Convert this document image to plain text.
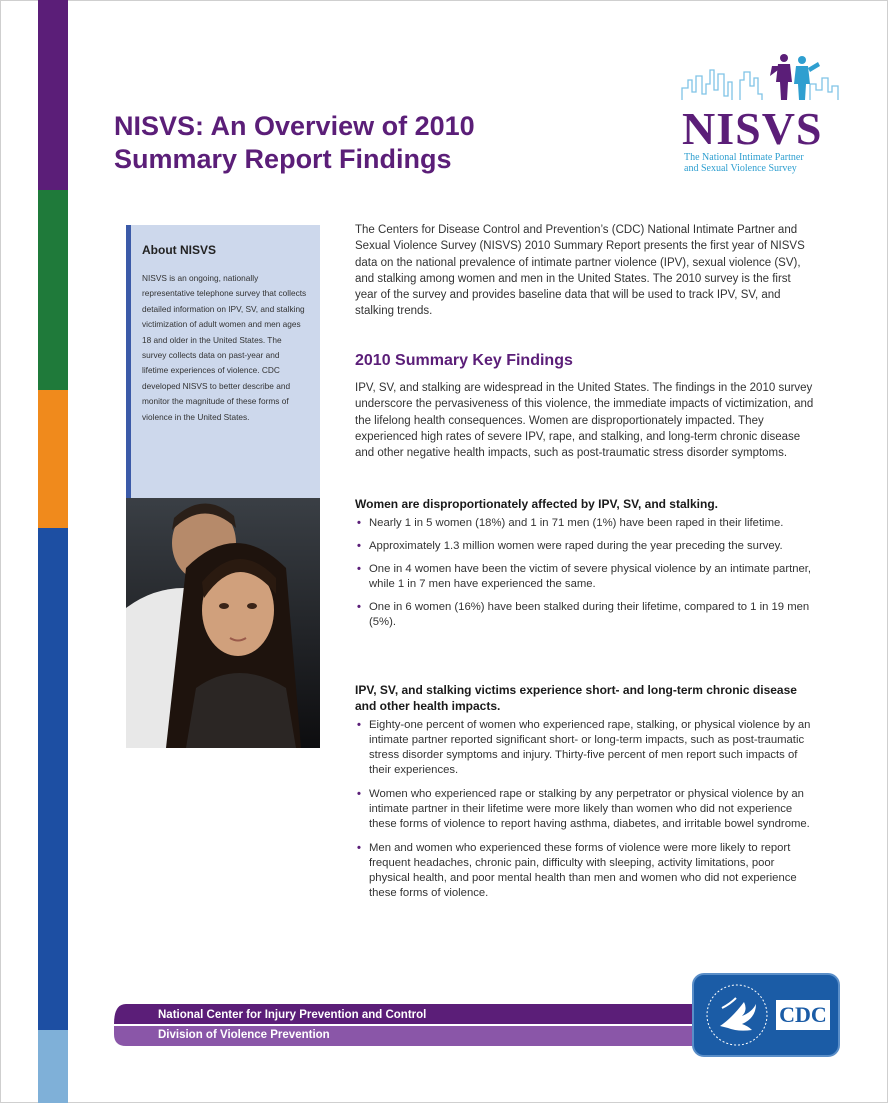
NISVS: An Overview of 2010
Summary Report Findings

NISVS

The National Intimate Partner
and Sexual Violence Survey

About NISVS

NISVS is an ongoing, nationally representative telephone survey that collects detailed information on IPV, SV, and stalking victimization of adult women and men ages 18 and older in the United States. The survey collects data on past-year and lifetime experiences of violence. CDC developed NISVS to better describe and monitor the magnitude of these forms of violence in the United States.

The Centers for Disease Control and Prevention’s (CDC) National Intimate Partner and Sexual Violence Survey (NISVS) 2010 Summary Report presents the first year of NISVS data on the national prevalence of intimate partner violence (IPV), sexual violence (SV), and stalking among women and men in the United States. The 2010 survey is the first year of the survey and provides baseline data that will be used to track IPV, SV, and stalking trends.

2010 Summary Key Findings

IPV, SV, and stalking are widespread in the United States. The findings in the 2010 survey underscore the pervasiveness of this violence, the immediate impacts of victimization, and the lifelong health consequences. Women are disproportionately impacted. They experienced high rates of severe IPV, rape, and stalking, and long-term chronic disease and other negative health impacts, such as post-traumatic stress disorder symptoms.

Women are disproportionately affected by IPV, SV, and stalking.
• Nearly 1 in 5 women (18%) and 1 in 71 men (1%) have been raped in their lifetime.
• Approximately 1.3 million women were raped during the year preceding the survey.
• One in 4 women have been the victim of severe physical violence by an intimate partner, while 1 in 7 men have experienced the same.
• One in 6 women (16%) have been stalked during their lifetime, compared to 1 in 19 men (5%).
IPV, SV, and stalking victims experience short- and long-term chronic disease and other health impacts.
• Eighty-one percent of women who experienced rape, stalking, or physical violence by an intimate partner reported significant short- or long-term impacts, such as post-traumatic stress disorder symptoms and injury. Thirty-five percent of men report such impacts of their experiences.
• Women who experienced rape or stalking by any perpetrator or physical violence by an intimate partner in their lifetime were more likely than women who did not experience these forms of violence to report having asthma, diabetes, and irritable bowel syndrome.
• Men and women who experienced these forms of violence were more likely to report frequent headaches, chronic pain, difficulty with sleeping, activity limitations, poor physical health, and poor mental health than men and women who did not experience these forms of violence.
National Center for Injury Prevention and Control
Division of Violence Prevention
CDC
